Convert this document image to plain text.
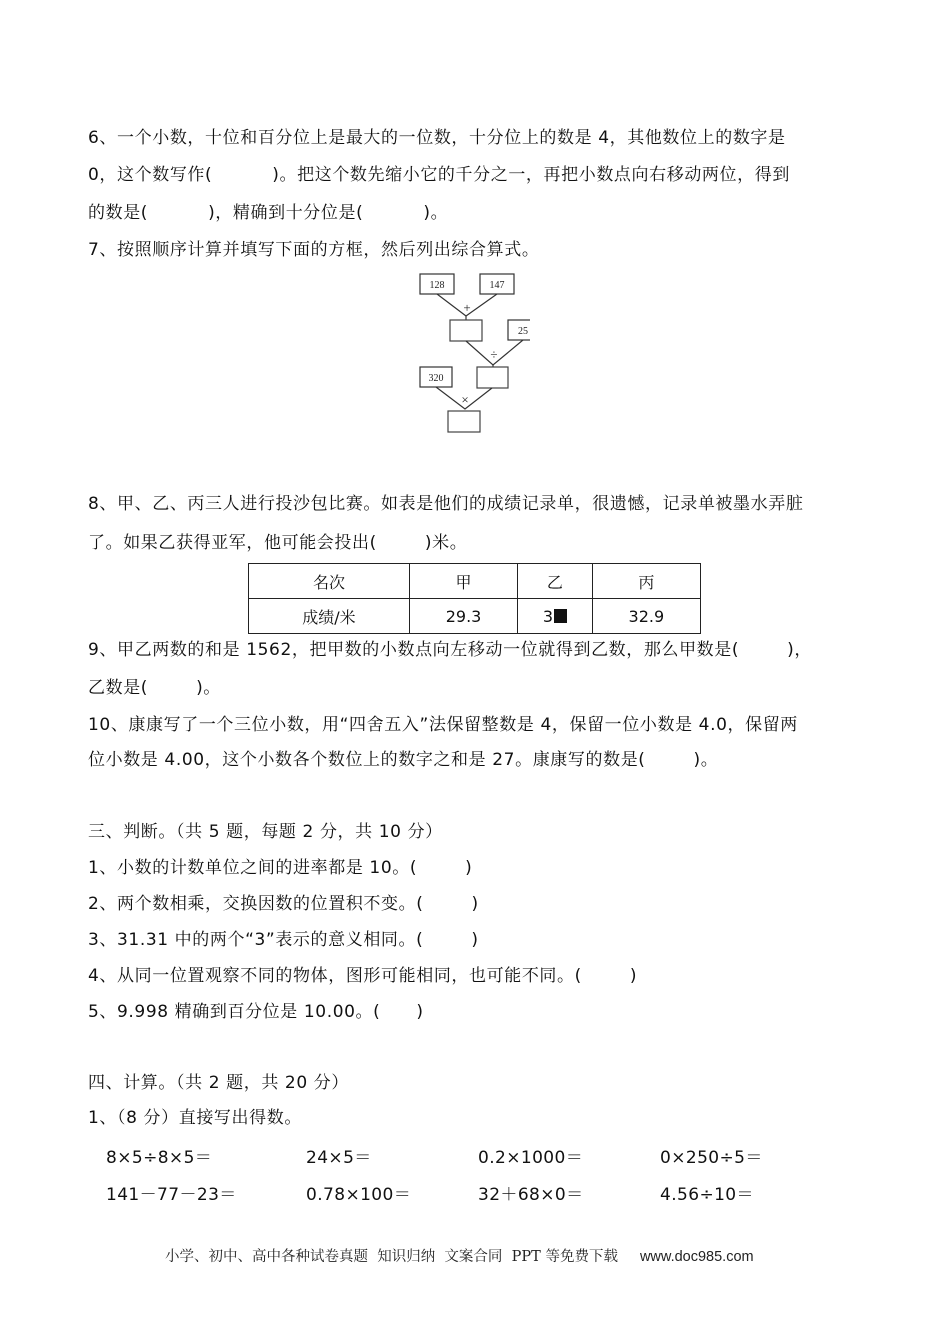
6、一个小数，十位和百分位上是最大的一位数，十分位上的数是 4，其他数位上的数字是
0，这个数写作(          )。把这个数先缩小它的千分之一，再把小数点向右移动两位，得到
的数是(          )，精确到十分位是(          )。
7、按照顺序计算并填写下面的方框，然后列出综合算式。
128	147
+
25
÷
320
×
8、甲、乙、丙三人进行投沙包比赛。如表是他们的成绩记录单，很遗憾，记录单被墨水弄脏
了。如果乙获得亚军，他可能会投出(        )米。
名次	甲	乙	丙
成绩/米	29.3	3	32.9
9、甲乙两数的和是 1562，把甲数的小数点向左移动一位就得到乙数，那么甲数是(        )，
乙数是(        )。
10、康康写了一个三位小数，用“四舍五入”法保留整数是 4，保留一位小数是 4.0，保留两
位小数是 4.00，这个小数各个数位上的数字之和是 27。康康写的数是(        )。
三、判断。（共 5 题，每题 2 分，共 10 分）
1、小数的计数单位之间的进率都是 10。(        )
2、两个数相乘，交换因数的位置积不变。(        )
3、31.31 中的两个“3”表示的意义相同。(        )
4、从同一位置观察不同的物体，图形可能相同，也可能不同。(        )
5、9.998 精确到百分位是 10.00。(      )
四、计算。（共 2 题，共 20 分）
1、（8 分）直接写出得数。
8×5÷8×5＝	24×5＝	0.2×1000＝	0×250÷5＝
141－77－23＝	0.78×100＝	32＋68×0＝	4.56÷10＝
小学、初中、高中各种试卷真题  知识归纳  文案合同  PPT 等免费下载 www.doc985.com
